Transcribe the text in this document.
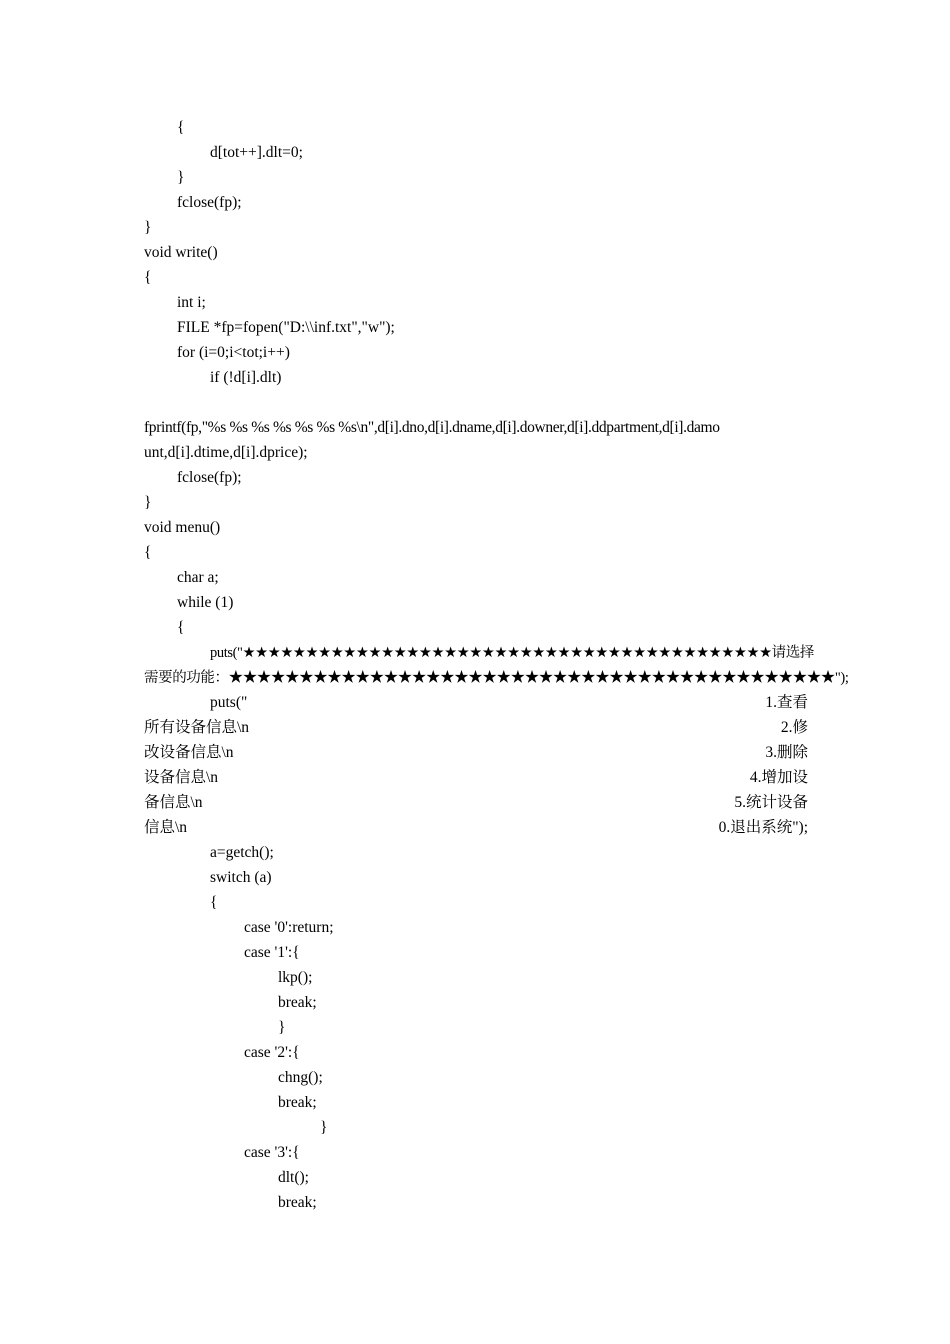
{
d[tot++].dlt=0;
}
fclose(fp);
}
void write()
{
int i;
FILE *fp=fopen("D:\\inf.txt","w");
for (i=0;i<tot;i++)
if (!d[i].dlt)
fprintf(fp,"%s %s %s %s %s %s %s\n",d[i].dno,d[i].dname,d[i].downer,d[i].ddpartment,d[i].damo
unt,d[i].dtime,d[i].dprice);
fclose(fp);
}
void menu()
{
char a;
while (1)
{
puts("★★★★★★★★★★★★★★★★★★★★★★★★★★★★★★★★★★★★★★★★★★请选择
需要的功能：★★★★★★★★★★★★★★★★★★★★★★★★★★★★★★★★★★★★★★★★★★★");
puts("	1.查看
所有设备信息\n	2.修
改设备信息\n	3.删除
设备信息\n	4.增加设
备信息\n	5.统计设备
信息\n	0.退出系统");
a=getch();
switch (a)
{
case '0':return;
case '1':{
lkp();
break;
}
case '2':{
chng();
break;
}
case '3':{
dlt();
break;
